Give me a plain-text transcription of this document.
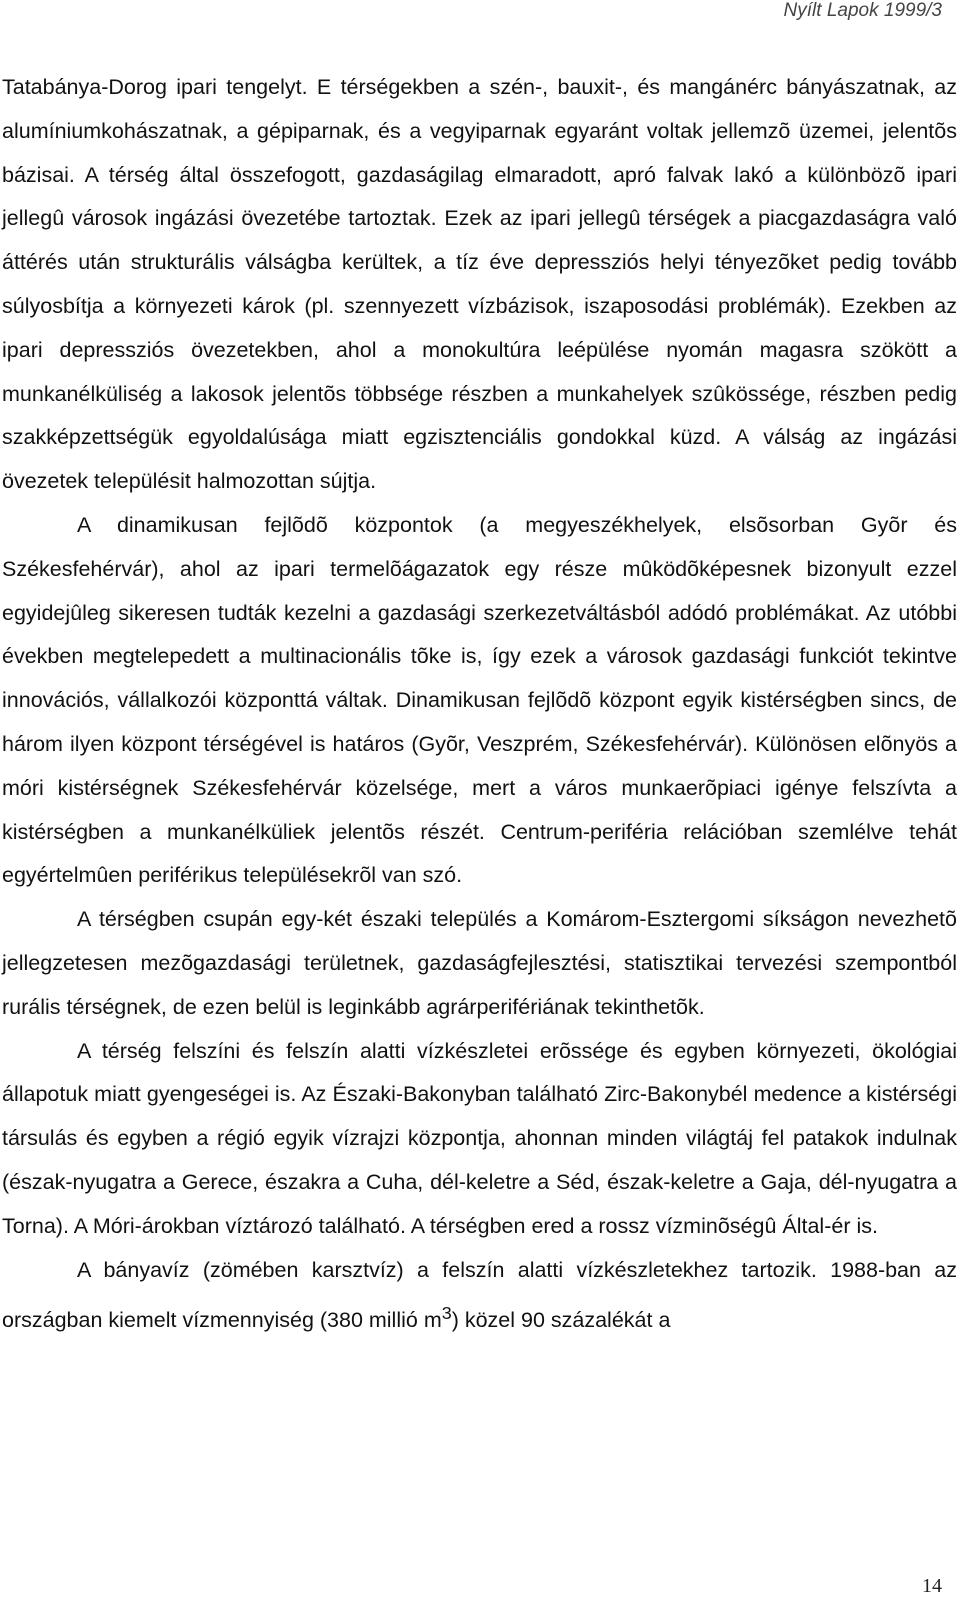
Nyílt Lapok 1999/3

Tatabánya-Dorog ipari tengelyt. E térségekben a szén-, bauxit-, és mangánérc bányászatnak, az alumíniumkohászatnak, a gépiparnak, és a vegyiparnak egyaránt voltak jellemzõ üzemei, jelentõs bázisai. A térség által összefogott, gazdaságilag elmaradott, apró falvak lakó a különbözõ ipari jellegû városok ingázási övezetébe tartoztak. Ezek az ipari jellegû térségek a piacgazdaságra való áttérés után strukturális válságba kerültek, a tíz éve depressziós helyi tényezõket pedig tovább súlyosbítja a környezeti károk (pl. szennyezett vízbázisok, iszaposodási problémák). Ezekben az ipari depressziós övezetekben, ahol a monokultúra leépülése nyomán magasra szökött a munkanélküliség a lakosok jelentõs többsége részben a munkahelyek szûkössége, részben pedig szakképzettségük egyoldalúsága miatt egzisztenciális gondokkal küzd. A válság az ingázási övezetek településit halmozottan sújtja.

A dinamikusan fejlõdõ központok (a megyeszékhelyek, elsõsorban Gyõr és Székesfehérvár), ahol az ipari termelõágazatok egy része mûködõképesnek bizonyult ezzel egyidejûleg sikeresen tudták kezelni a gazdasági szerkezetváltásból adódó problémákat. Az utóbbi években megtelepedett a multinacionális tõke is, így ezek a városok gazdasági funkciót tekintve innovációs, vállalkozói központtá váltak. Dinamikusan fejlõdõ központ egyik kistérségben sincs, de három ilyen központ térségével is határos (Gyõr, Veszprém, Székesfehérvár). Különösen elõnyös a móri kistérségnek Székesfehérvár közelsége, mert a város munkaerõpiaci igénye felszívta a kistérségben a munkanélküliek jelentõs részét. Centrum-periféria relációban szemlélve tehát egyértelmûen periférikus településekrõl van szó.

A térségben csupán egy-két északi település a Komárom-Esztergomi síkságon nevezhetõ jellegzetesen mezõgazdasági területnek, gazdaságfejlesztési, statisztikai tervezési szempontból rurális térségnek, de ezen belül is leginkább agrárperifériának tekinthetõk.

A térség felszíni és felszín alatti vízkészletei erõssége és egyben környezeti, ökológiai állapotuk miatt gyengeségei is. Az Északi-Bakonyban található Zirc-Bakonybél medence a kistérségi társulás és egyben a régió egyik vízrajzi központja, ahonnan minden világtáj fel patakok indulnak (észak-nyugatra a Gerece, északra a Cuha, dél-keletre a Séd, észak-keletre a Gaja, dél-nyugatra a Torna). A Móri-árokban víztározó található. A térségben ered a rossz vízminõségû Által-ér is.

A bányavíz (zömében karsztvíz) a felszín alatti vízkészletekhez tartozik. 1988-ban az országban kiemelt vízmennyiség (380 millió $m^3$) közel 90 százalékát a

14
